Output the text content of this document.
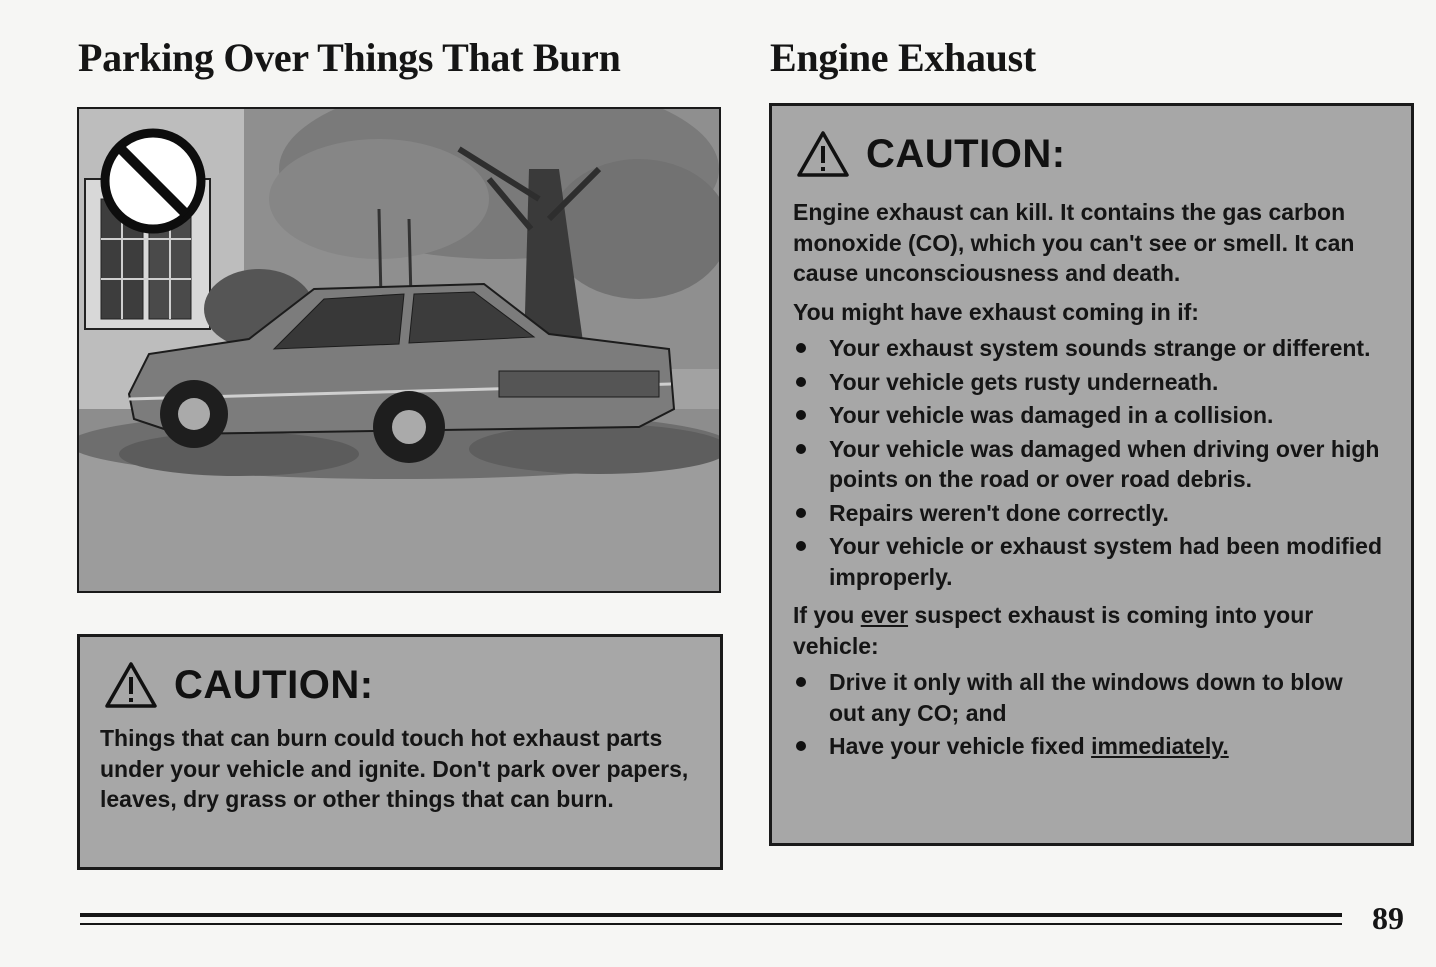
Parking Over Things That Burn	Engine Exhaust
CAUTION:

Things that can burn could touch hot exhaust parts under your vehicle and ignite. Don't park over papers, leaves, dry grass or other things that can burn.

CAUTION:

Engine exhaust can kill. It contains the gas carbon monoxide (CO), which you can't see or smell. It can cause unconsciousness and death.

You might have exhaust coming in if:

Your exhaust system sounds strange or different.
Your vehicle gets rusty underneath.
Your vehicle was damaged in a collision.
Your vehicle was damaged when driving over high points on the road or over road debris.
Repairs weren't done correctly.
Your vehicle or exhaust system had been modified improperly.

If you ever suspect exhaust is coming into your vehicle:

Drive it only with all the windows down to blow out any CO; and
Have your vehicle fixed immediately.
89
